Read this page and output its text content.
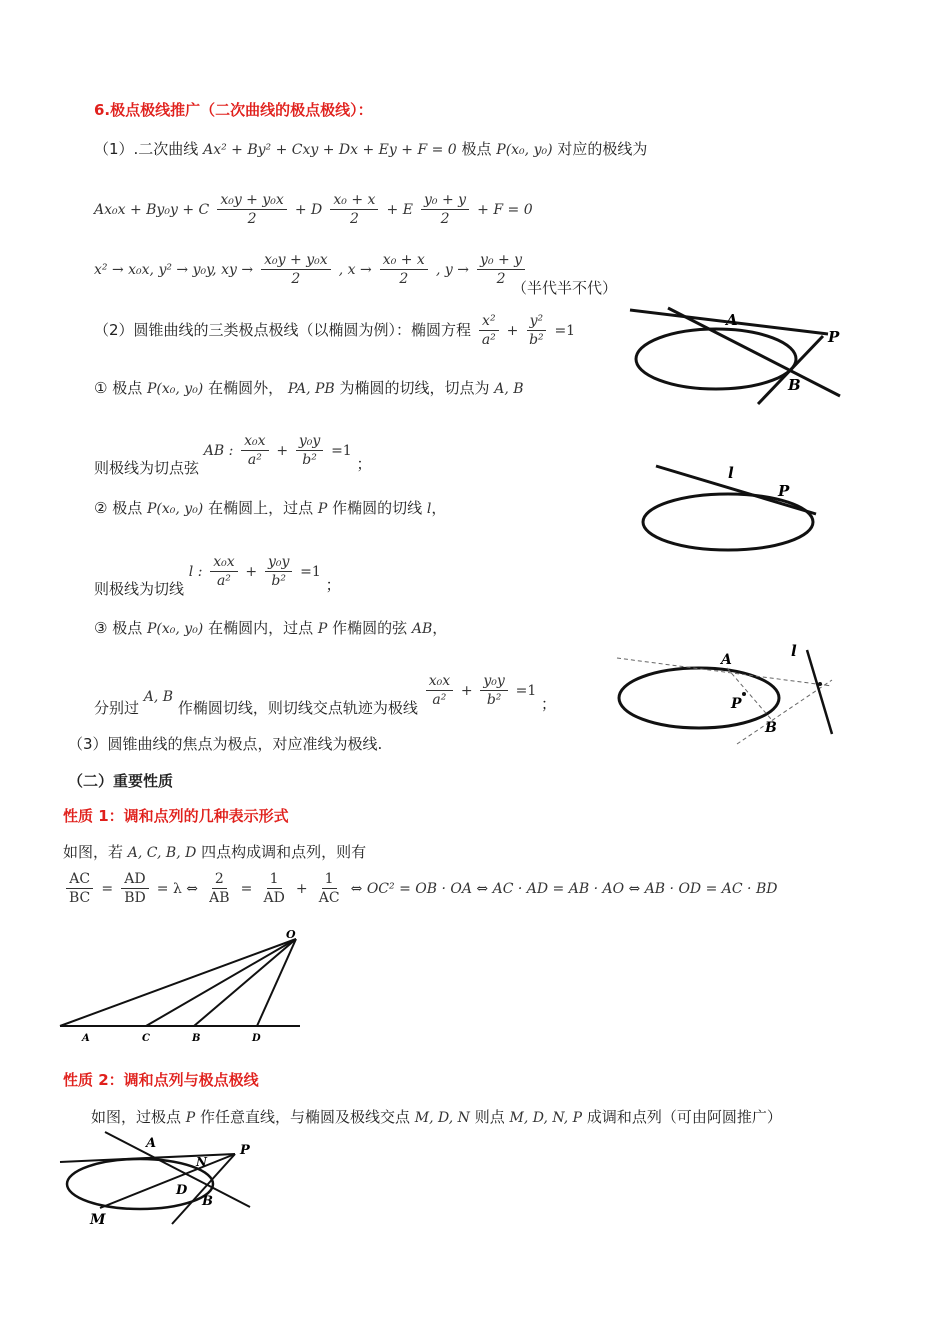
6.极点极线推广（二次曲线的极点极线）：
（1）.二次曲线 Ax² + By² + Cxy + Dx + Ey + F = 0 极点 P(x₀, y₀) 对应的极线为
Ax₀x + By₀y + C $\frac{\text{x₀y + y₀x}}{2} + D \frac{\text{x₀ + x}}{2} + E \frac{\text{y₀ + y}}{2} + F = 0$
x² → x₀x, y² → y₀y, xy → $\frac{\text{x₀y + y₀x}}{2}$ , $x \to \frac{\text{x₀ + x}}{2}$ , $y \to \frac{\text{y₀ + y}}{2}$
（半代半不代）
（2）圆锥曲线的三类极点极线（以椭圆为例）：椭圆方程 $\frac{\text{x²}}{\text{a²}} + \frac{\text{y²}}{\text{b²}} =1$
① 极点 P(x₀, y₀) 在椭圆外， PA, PB 为椭圆的切线，切点为 A, B
则极线为切点弦 AB : $\frac{\text{x₀x}}{\text{a²}} + \frac{\text{y₀y}}{\text{b²}} =1$ ；
② 极点 P(x₀, y₀) 在椭圆上，过点 P 作椭圆的切线 l，
则极线为切线 l : $\frac{\text{x₀x}}{\text{a²}} + \frac{\text{y₀y}}{\text{b²}} =1$ ；
③ 极点 P(x₀, y₀) 在椭圆内，过点 P 作椭圆的弦 AB，
分别过 A, B 作椭圆切线，则切线交点轨迹为极线 $\frac{\text{x₀x}}{\text{a²}} + \frac{\text{y₀y}}{\text{b²}} =1$ ；
（3）圆锥曲线的焦点为极点，对应准线为极线.
（二）重要性质
性质 1：调和点列的几种表示形式
如图，若 A, C, B, D 四点构成调和点列，则有
$\frac{AC}{BC} = \frac{AD}{BD} = \lambda$ ⇔ $\frac{2}{AB} = \frac{1}{AD} + \frac{1}{AC}$ ⇔ OC² = OB · OA ⇔ AC · AD = AB · AO ⇔ AB · OD = AC · BD
性质 2：调和点列与极点极线
如图，过极点 P 作任意直线，与椭圆及极线交点 M, D, N 则点 M, D, N, P 成调和点列（可由阿圆推广）
A
P
B
l
P
A	l
P
B
O
A	C	B	D
A
N
P
D
B
M
